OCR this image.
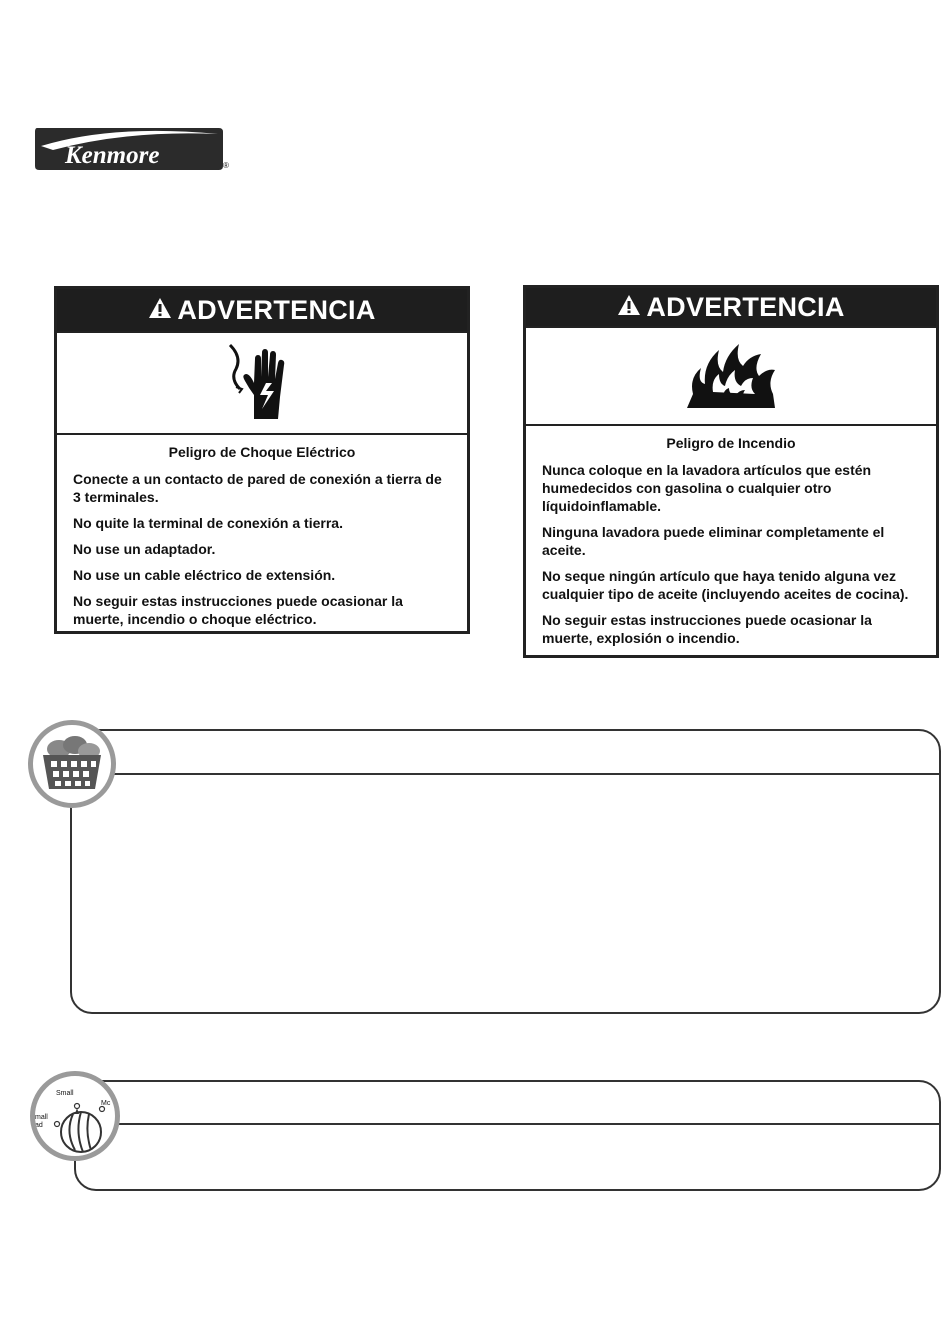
Kenmore	®
ADVERTENCIA
Peligro de Choque Eléctrico

Conecte a un contacto de pared de conexión a tierra de 3 terminales.

No quite la terminal de conexión a tierra.

No use un adaptador.

No use un cable eléctrico de extensión.

No seguir estas instrucciones puede ocasionar la muerte, incendio o choque eléctrico.

ADVERTENCIA
Peligro de Incendio

Nunca coloque en la lavadora artículos que estén humedecidos con gasolina o cualquier otro líquidoinflamable.

Ninguna lavadora puede eliminar completamente el aceite.

No seque ningún artículo que haya tenido alguna vez cualquier tipo de aceite (incluyendo aceites de cocina).

No seguir estas instrucciones puede ocasionar la muerte, explosión o incendio.

Small
Mc
mall
ad
